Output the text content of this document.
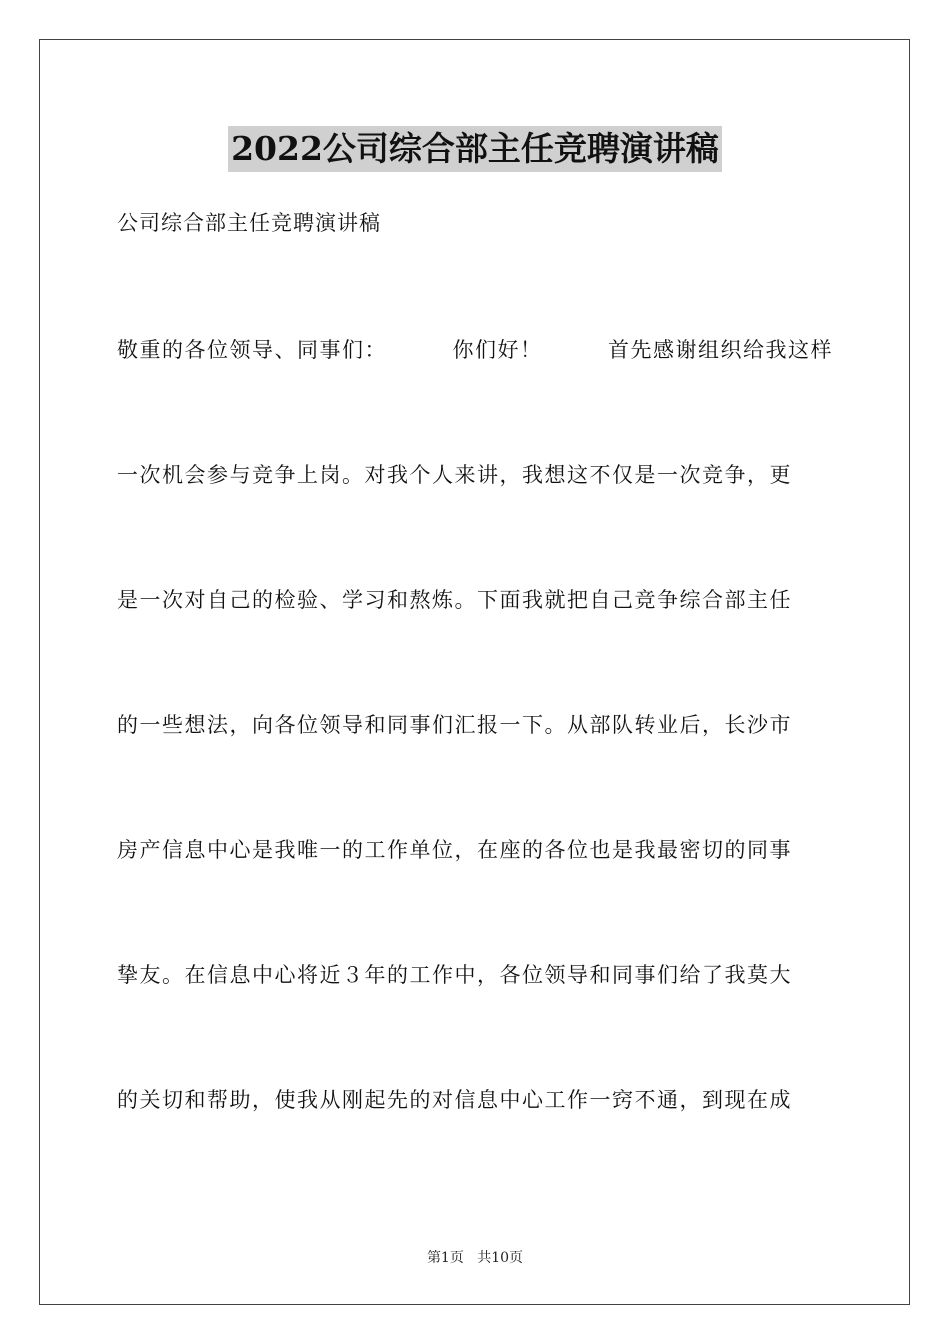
2022公司综合部主任竞聘演讲稿
公司综合部主任竞聘演讲稿
敬重的各位领导、同事们：	你们好！	首先感谢组织给我这样
一次机会参与竞争上岗。对我个人来讲，我想这不仅是一次竞争，更
是一次对自己的检验、学习和熬炼。下面我就把自己竞争综合部主任
的一些想法，向各位领导和同事们汇报一下。从部队转业后，长沙市
房产信息中心是我唯一的工作单位，在座的各位也是我最密切的同事
挚友。在信息中心将近３年的工作中，各位领导和同事们给了我莫大
的关切和帮助，使我从刚起先的对信息中心工作一窍不通，到现在成
第1页 共10页
